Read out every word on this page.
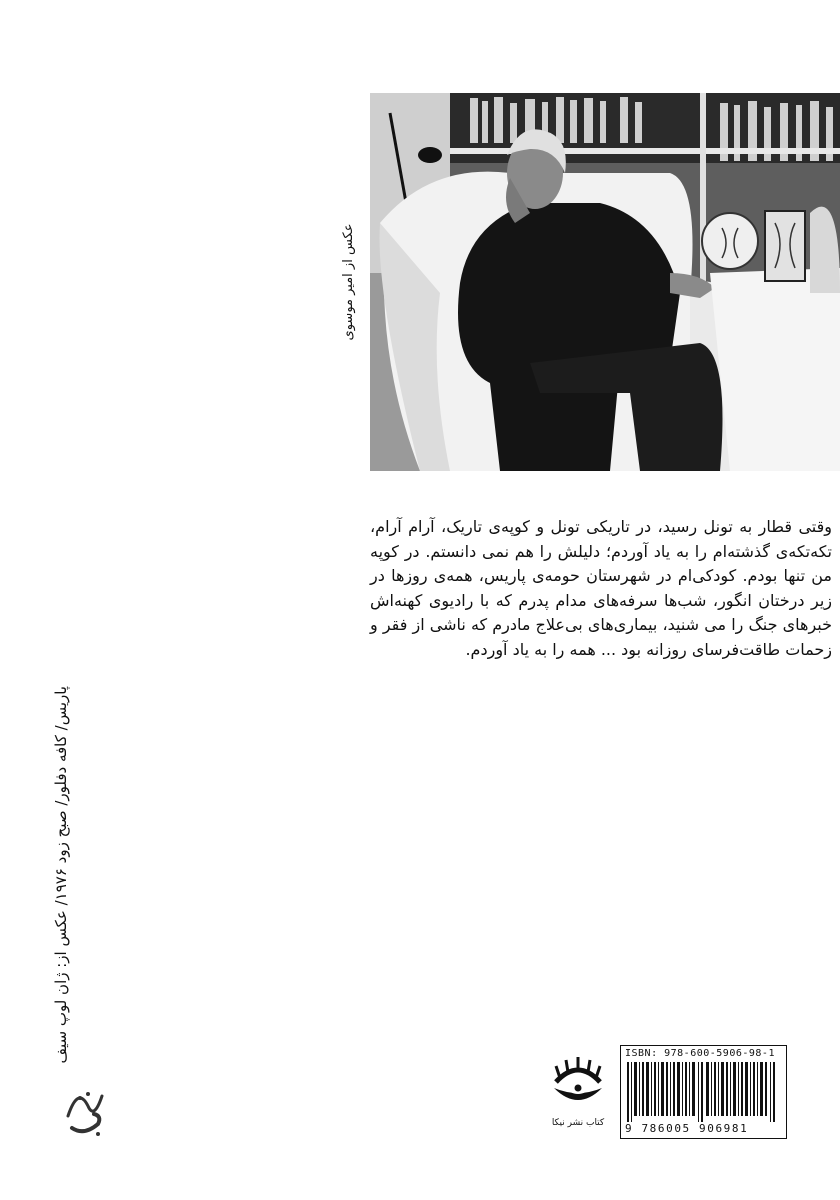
عکس از امیر موسوی
وقتی قطار به تونل رسید، در تاریکی تونل و کوپه‌ی تاریک، آرام آرام، تکه‌تکه‌ی گذشته‌ام را به یاد آوردم؛ دلیلش را هم نمی دانستم. در کوپه من تنها بودم. کودکی‌ام در شهرستان حومه‌ی پاریس، همه‌ی روزها در زیر درختان انگور، شب‌ها سرفه‌های مدام پدرم که با رادیوی کهنه‌اش خبرهای جنگ را می شنید، بیماری‌های بی‌علاج مادرم که ناشی از فقر و زحمات طاقت‌فرسای روزانه بود ... همه را به یاد آوردم.
پاریس/ کافه دفلور/ صبح زود ۱۹۷۶/ عکس از: ژان لوپ سیف
کتاب نشر نیکا
ISBN: 978-600-5906-98-1
9 786005 906981
